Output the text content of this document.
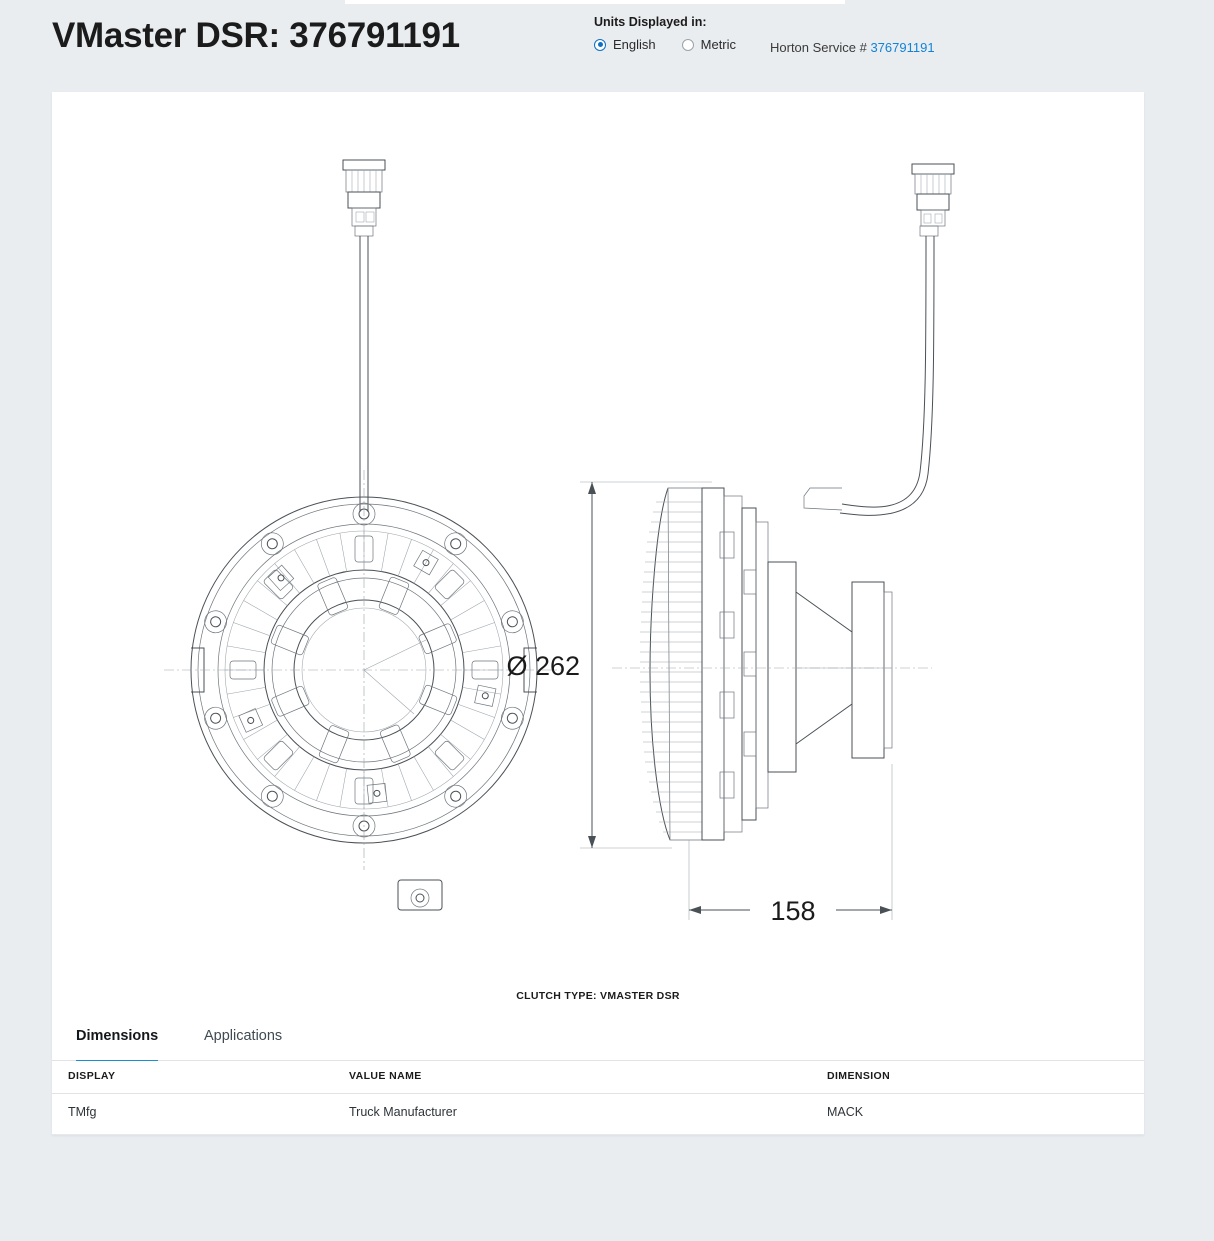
VMaster DSR: 376791191	Units Displayed in:
English	Metric	Horton Service # 376791191
Ø 262
158
CLUTCH TYPE: VMASTER DSR
Dimensions	Applications
DISPLAY	VALUE NAME	DIMENSION
TMfg	Truck Manufacturer	MACK
